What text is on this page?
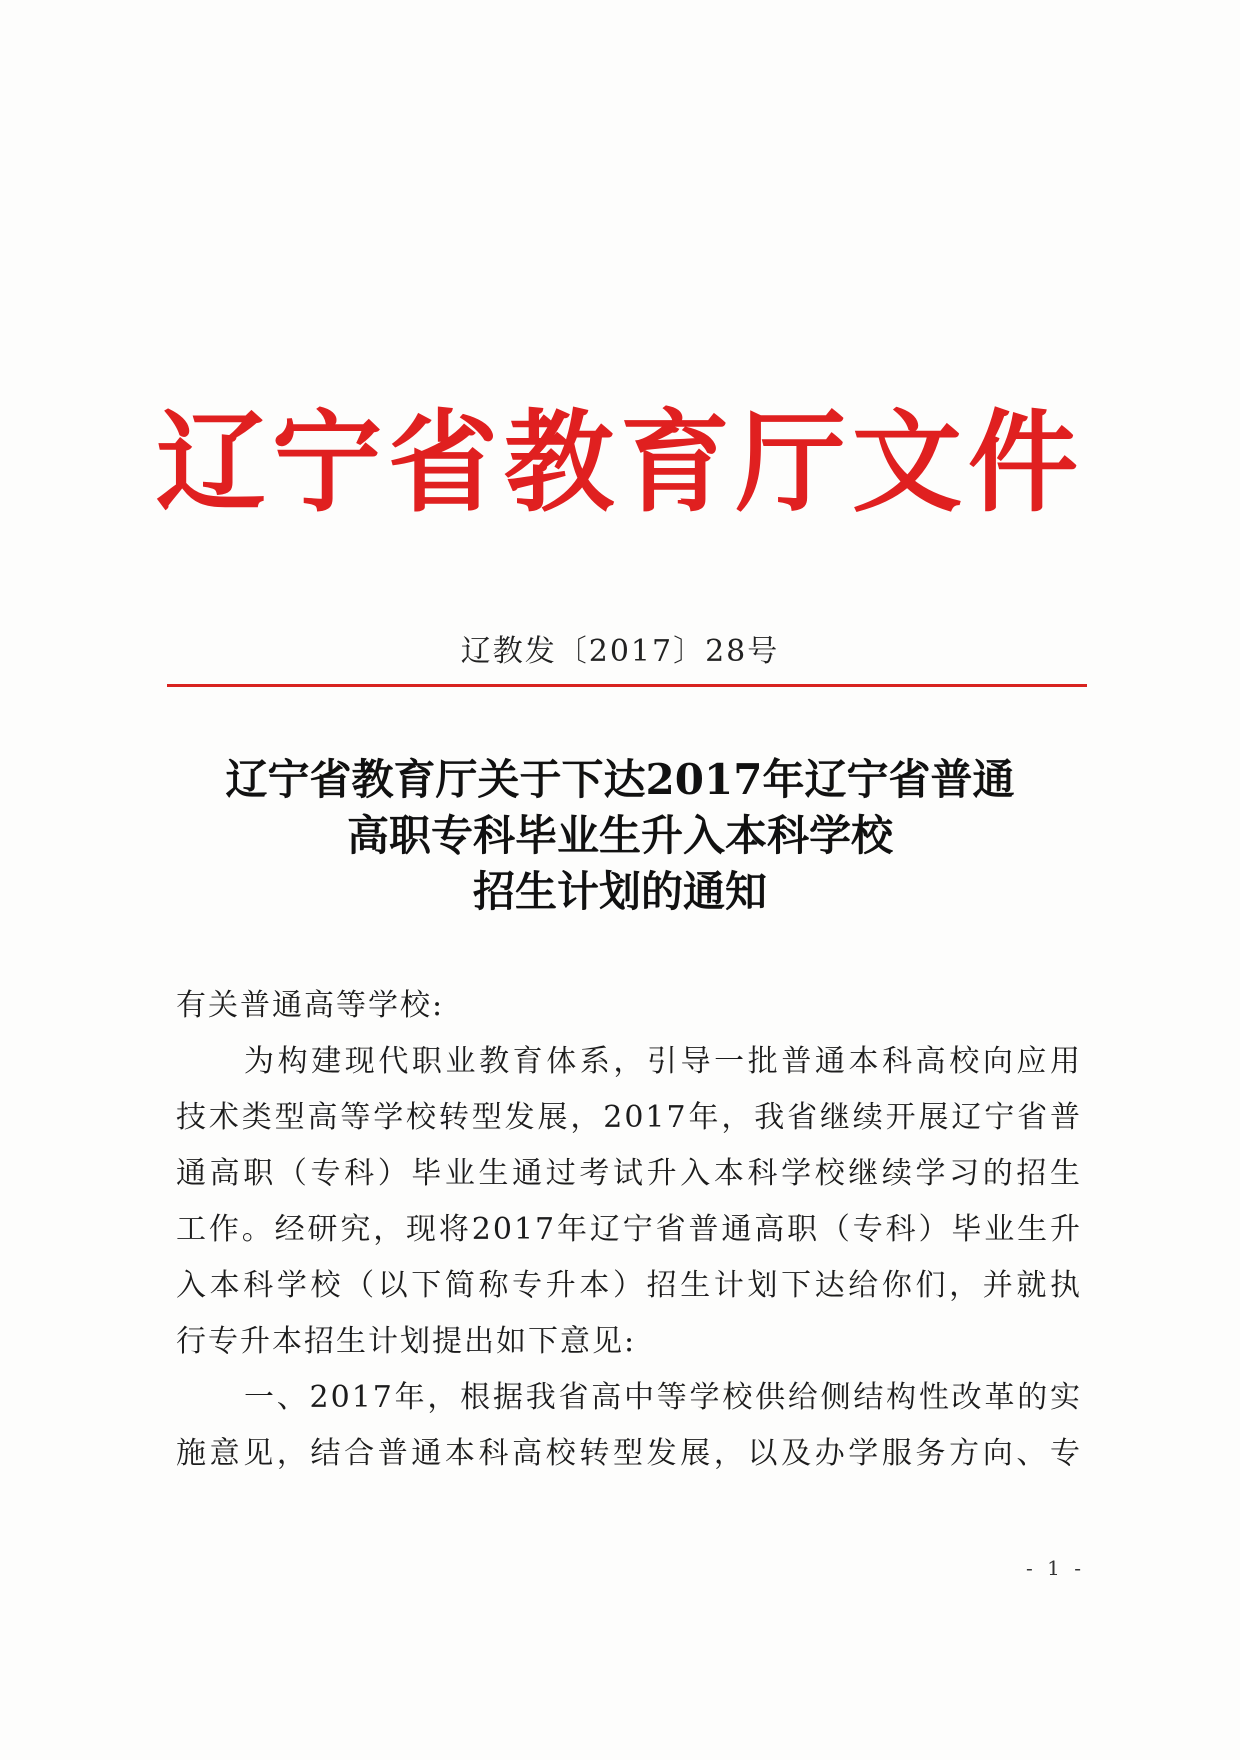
辽宁省教育厅文件
辽教发〔2017〕28号
辽宁省教育厅关于下达2017年辽宁省普通
高职专科毕业生升入本科学校
招生计划的通知
有关普通高等学校:
为构建现代职业教育体系，引导一批普通本科高校向应用
技术类型高等学校转型发展，2017年，我省继续开展辽宁省普
通高职（专科）毕业生通过考试升入本科学校继续学习的招生
工作。经研究，现将2017年辽宁省普通高职（专科）毕业生升
入本科学校（以下简称专升本）招生计划下达给你们，并就执
行专升本招生计划提出如下意见:
一、2017年，根据我省高中等学校供给侧结构性改革的实
施意见，结合普通本科高校转型发展，以及办学服务方向、专
- 1 -
